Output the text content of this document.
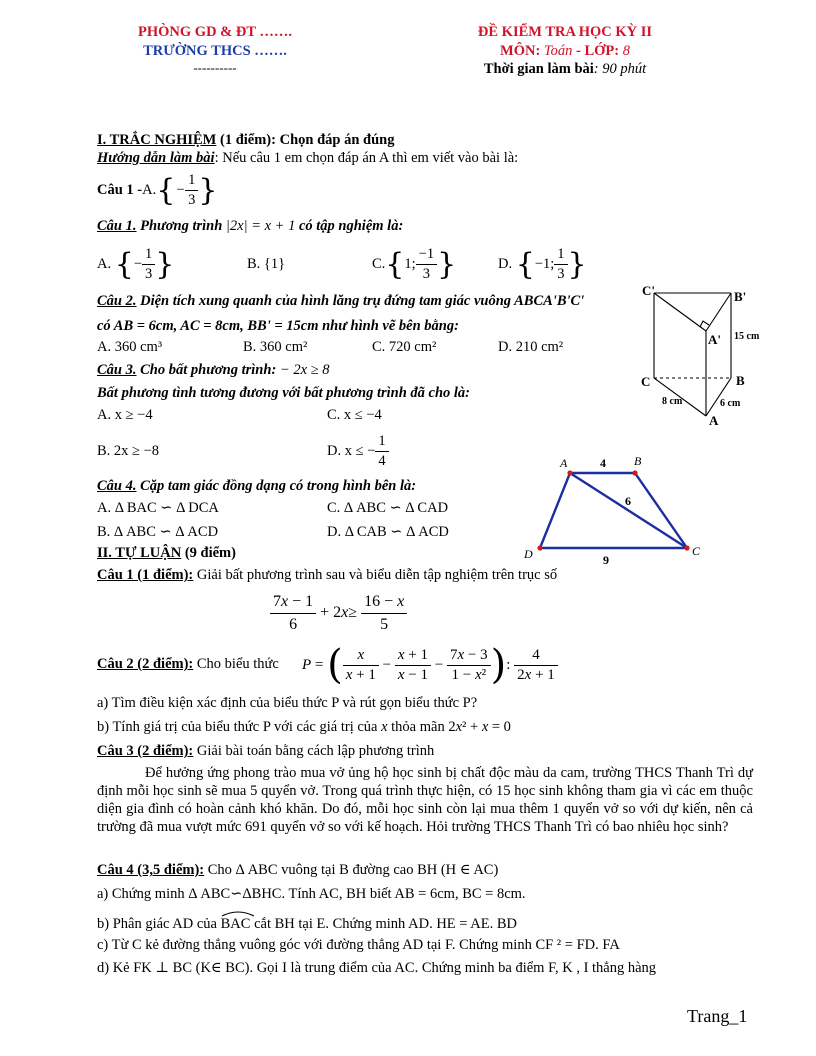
PHÒNG GD & ĐT …….
TRƯỜNG THCS …….
----------
ĐỀ KIỂM TRA HỌC KỲ II
MÔN: Toán - LỚP: 8
Thời gian làm bài: 90 phút
I. TRẮC NGHIỆM (1 điểm): Chọn đáp án đúng
Hướng dẫn làm bài: Nếu câu 1 em chọn đáp án A thì em viết vào bài là:
Câu 1 - A. { − $\frac{1}{3}$ }
Câu 1. Phương trình |2x| = x + 1 có tập nghiệm là:
A.
{ − $\frac{1}{3}$ }	B. {1}	C. { 1; $\frac{-1}{3}$ }	D.
{ −1; $\frac{1}{3}$ }
Câu 2. Diện tích xung quanh của hình lăng trụ đứng tam giác vuông ABCA'B'C'
có AB = 6cm, AC = 8cm, BB' = 15cm như hình vẽ bên bằng:
A. 360 cm³	B. 360 cm²	C. 720 cm²	D. 210 cm²
Câu 3. Cho bất phương trình: − 2x ≥ 8
Bất phương tình tương đương với bất phương trình đã cho là:
A. x ≥ −4	C. x ≤ −4
B. 2x ≥ −8	D. x ≤ − $\frac{1}{4}$
Câu 4. Cặp tam giác đồng dạng có trong hình bên là:
A. Δ BAC ∽ Δ DCA	C. Δ ABC ∽ Δ CAD
B. Δ ABC ∽ Δ ACD	D. Δ CAB ∽ Δ ACD
C'	B'
A' 15 cm
C	B
8 cm	6 cm
A
A	4 B
6
D	9
C
II. TỰ LUẬN (9 điểm)
Câu 1 (1 điểm): Giải bất phương trình sau và biểu diễn tập nghiệm trên trục số
$\frac{7x - 1}{6} + 2$ $x \ge \frac{16 - x}{5}$
Câu 2 (2 điểm): Cho biểu thức P = ( $\frac{x}{x + 1} - \frac{x + 1}{x - 1} - \frac{7x - 3}{\text{1 − x²}}$ ) : $\frac{4}{2x + 1}$
a) Tìm điều kiện xác định của biểu thức P và rút gọn biểu thức P?
b) Tính giá trị của biểu thức P với các giá trị của x thỏa mãn 2x² + x = 0
Câu 3 (2 điểm): Giải bài toán bằng cách lập phương trình
Để hưởng ứng phong trào mua vở ủng hộ học sinh bị chất độc màu da cam, trường THCS Thanh Trì dự định mỗi học sinh sẽ mua 5 quyển vở. Trong quá trình thực hiện, có 15 học sinh không tham gia vì các em thuộc diện gia đình có hoàn cảnh khó khăn. Do đó, mỗi học sinh còn lại mua thêm 1 quyển vở so với dự kiến, nên cả trường đã mua vượt mức 691 quyển vở so với kế hoạch. Hỏi trường THCS Thanh Trì có bao nhiêu học sinh?
Câu 4 (3,5 điểm): Cho Δ ABC vuông tại B đường cao BH (H ∈ AC)
a) Chứng minh Δ ABC∽ΔBHC. Tính AC, BH biết AB = 6cm, BC = 8cm.
b) Phân giác AD của
BAC cắt BH tại E. Chứng minh AD. HE = AE. BD
c) Từ C kẻ đường thẳng vuông góc với đường thẳng AD tại F. Chứng minh CF ² = FD. FA
d) Kẻ FK ⊥ BC (K∈ BC). Gọi I là trung điểm của AC. Chứng minh ba điểm F, K , I thẳng hàng
Trang_1
